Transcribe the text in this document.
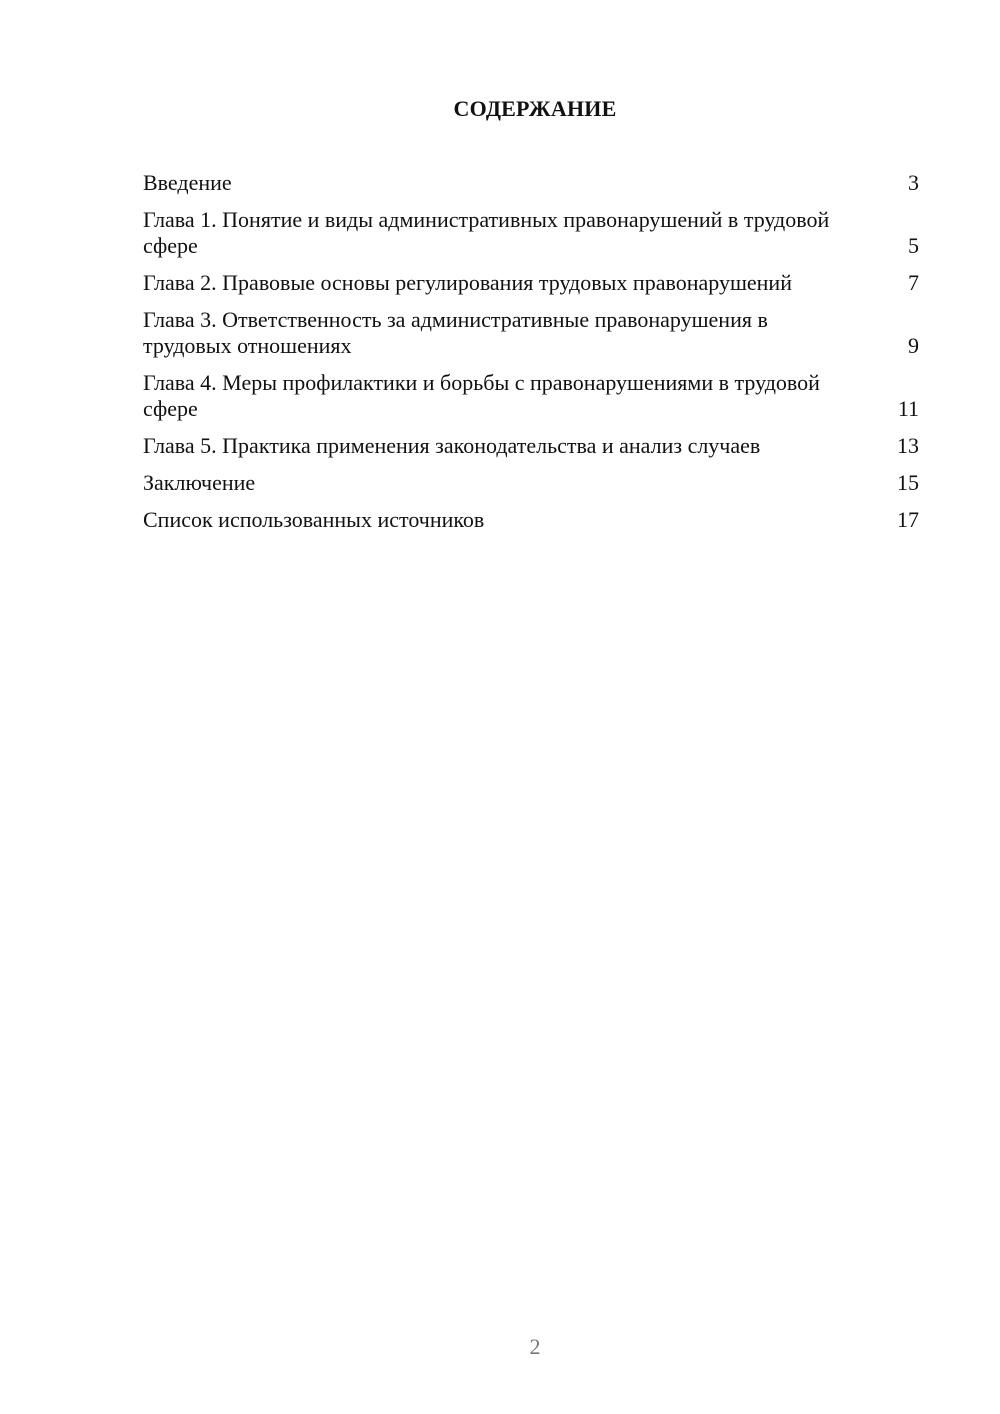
СОДЕРЖАНИЕ
Введение	3
Глава 1. Понятие и виды административных правонарушений в трудовой сфере	5
Глава 2. Правовые основы регулирования трудовых правонарушений	7
Глава 3. Ответственность за административные правонарушения в трудовых отношениях	9
Глава 4. Меры профилактики и борьбы с правонарушениями в трудовой сфере	11
Глава 5. Практика применения законодательства и анализ случаев	13
Заключение	15
Список использованных источников	17
2
